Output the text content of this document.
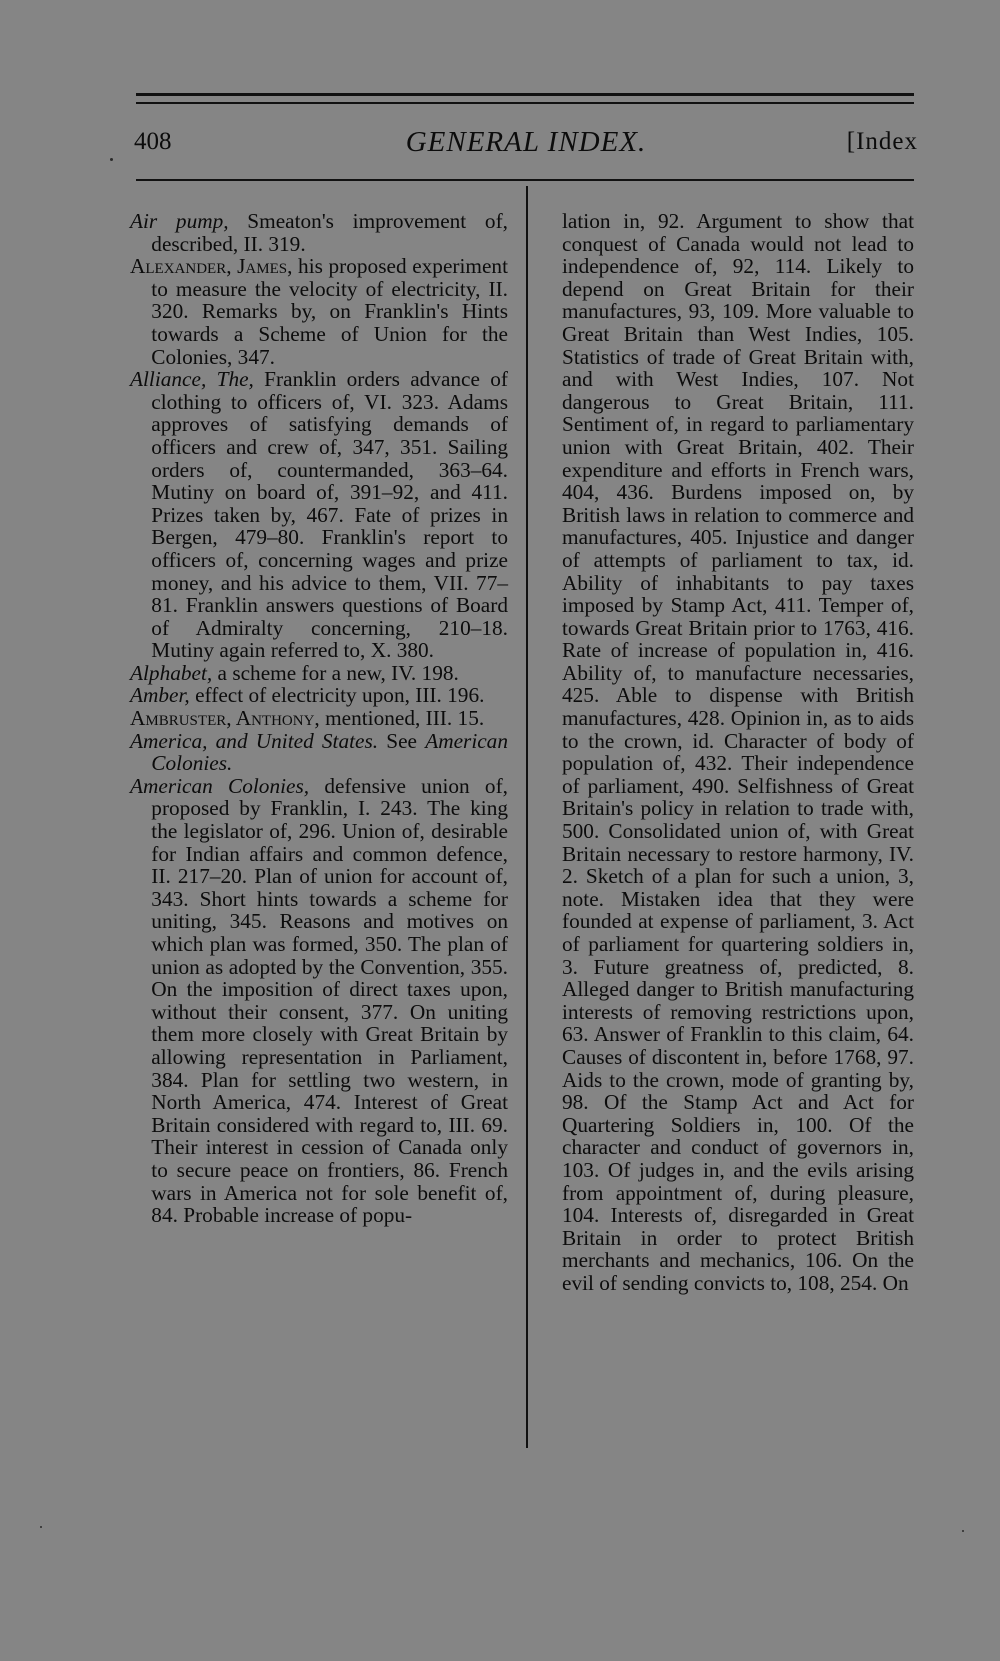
408	GENERAL INDEX.	[Index

Air pump, Smeaton's improvement of, described, II. 319.

Alexander, James, his proposed experiment to measure the velocity of electricity, II. 320. Remarks by, on Franklin's Hints towards a Scheme of Union for the Colonies, 347.

Alliance, The, Franklin orders advance of clothing to officers of, VI. 323. Adams approves of satisfying demands of officers and crew of, 347, 351. Sailing orders of, countermanded, 363–64. Mutiny on board of, 391–92, and 411. Prizes taken by, 467. Fate of prizes in Bergen, 479–80. Franklin's report to officers of, concerning wages and prize money, and his advice to them, VII. 77–81. Franklin answers questions of Board of Admiralty concerning, 210–18. Mutiny again referred to, X. 380.

Alphabet, a scheme for a new, IV. 198.

Amber, effect of electricity upon, III. 196.

Ambruster, Anthony, mentioned, III. 15.

America, and United States. See American Colonies.

American Colonies, defensive union of, proposed by Franklin, I. 243. The king the legislator of, 296. Union of, desirable for Indian affairs and common defence, II. 217–20. Plan of union for account of, 343. Short hints towards a scheme for uniting, 345. Reasons and motives on which plan was formed, 350. The plan of union as adopted by the Convention, 355. On the imposition of direct taxes upon, without their consent, 377. On uniting them more closely with Great Britain by allowing representation in Parliament, 384. Plan for settling two western, in North America, 474. Interest of Great Britain considered with regard to, III. 69. Their interest in cession of Canada only to secure peace on frontiers, 86. French wars in America not for sole benefit of, 84. Probable increase of popu-

lation in, 92. Argument to show that conquest of Canada would not lead to independence of, 92, 114. Likely to depend on Great Britain for their manufactures, 93, 109. More valuable to Great Britain than West Indies, 105. Statistics of trade of Great Britain with, and with West Indies, 107. Not dangerous to Great Britain, 111. Sentiment of, in regard to parliamentary union with Great Britain, 402. Their expenditure and efforts in French wars, 404, 436. Burdens imposed on, by British laws in relation to commerce and manufactures, 405. Injustice and danger of attempts of parliament to tax, id. Ability of inhabitants to pay taxes imposed by Stamp Act, 411. Temper of, towards Great Britain prior to 1763, 416. Rate of increase of population in, 416. Ability of, to manufacture necessaries, 425. Able to dispense with British manufactures, 428. Opinion in, as to aids to the crown, id. Character of body of population of, 432. Their independence of parliament, 490. Selfishness of Great Britain's policy in relation to trade with, 500. Consolidated union of, with Great Britain necessary to restore harmony, IV. 2. Sketch of a plan for such a union, 3, note. Mistaken idea that they were founded at expense of parliament, 3. Act of parliament for quartering soldiers in, 3. Future greatness of, predicted, 8. Alleged danger to British manufacturing interests of removing restrictions upon, 63. Answer of Franklin to this claim, 64. Causes of discontent in, before 1768, 97. Aids to the crown, mode of granting by, 98. Of the Stamp Act and Act for Quartering Soldiers in, 100. Of the character and conduct of governors in, 103. Of judges in, and the evils arising from appointment of, during pleasure, 104. Interests of, disregarded in Great Britain in order to protect British merchants and mechanics, 106. On the evil of sending convicts to, 108, 254. On
